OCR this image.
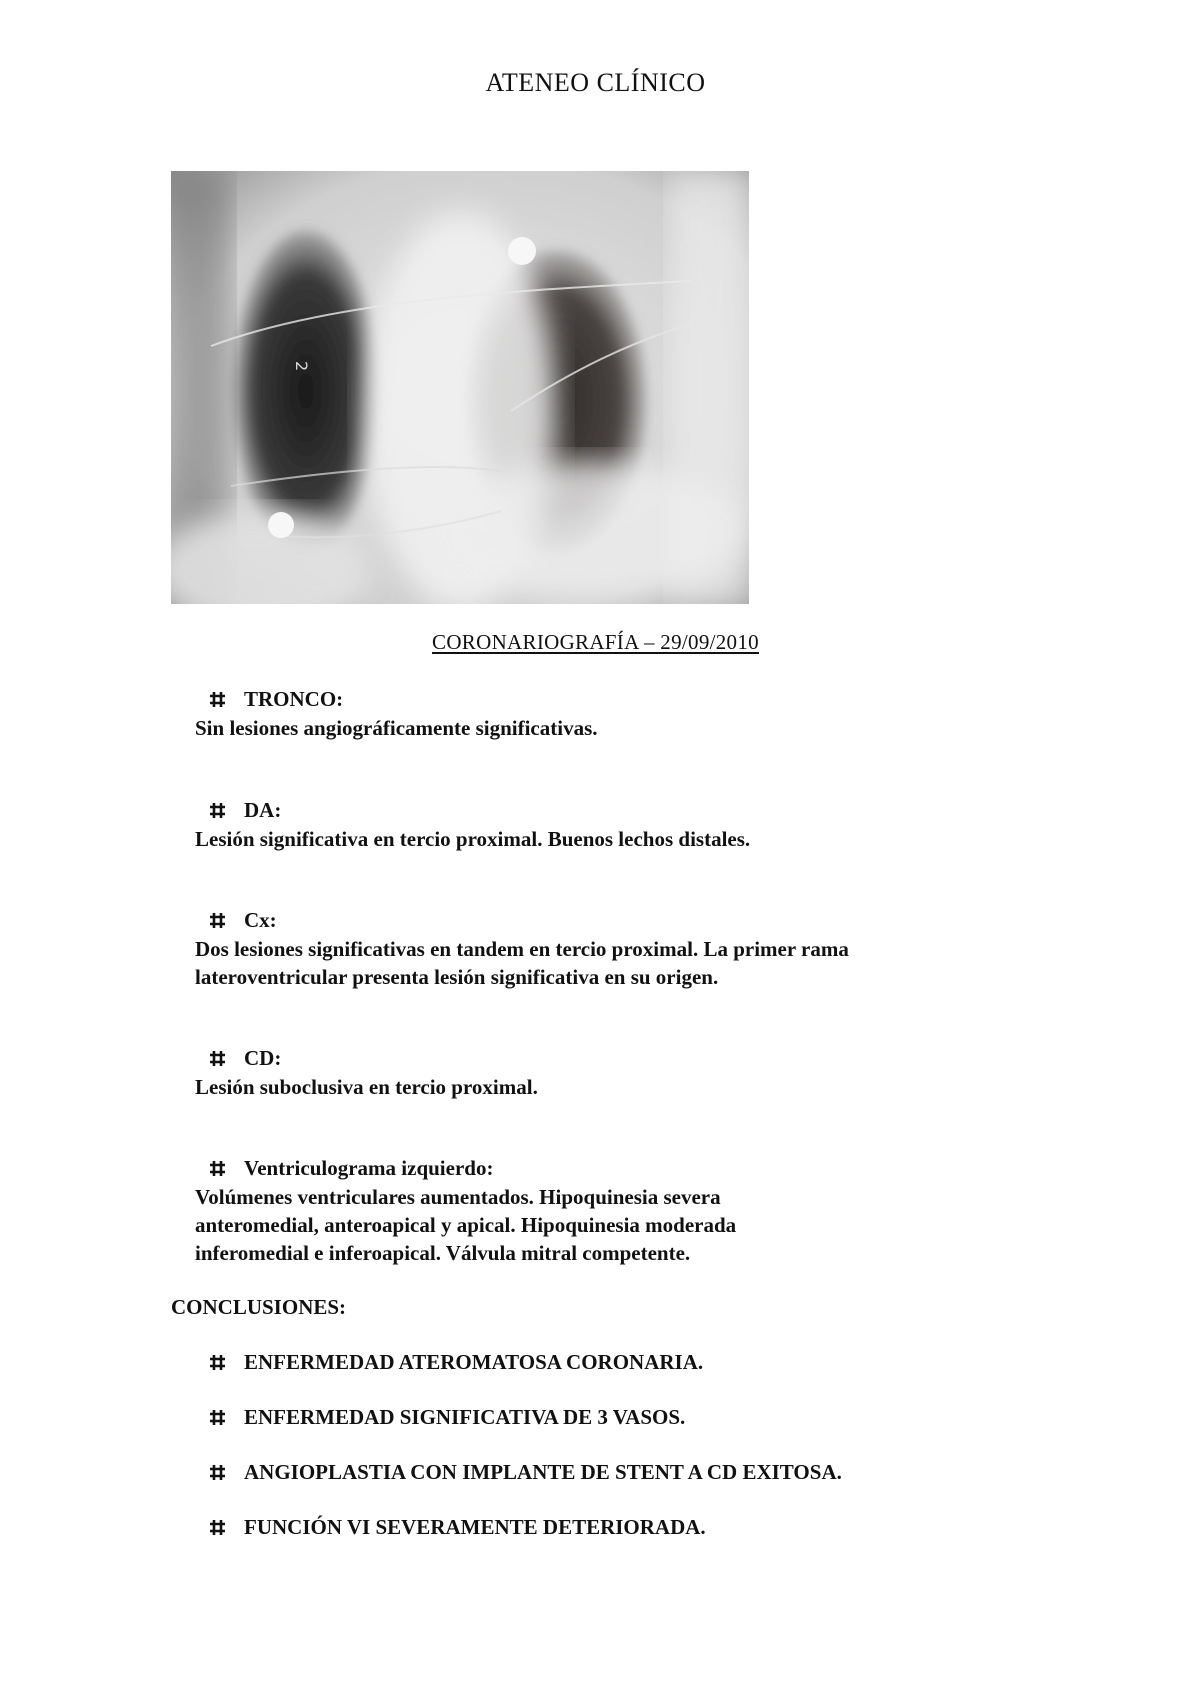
ATENEO CLÍNICO
2
CORONARIOGRAFÍA – 29/09/2010
TRONCO:
Sin lesiones angiográficamente significativas.
DA:
Lesión significativa en tercio proximal. Buenos lechos distales.
Cx:
Dos lesiones significativas en tandem en tercio proximal. La primer rama lateroventricular presenta lesión significativa en su origen.
CD:
Lesión suboclusiva en tercio proximal.
Ventriculograma izquierdo:
Volúmenes ventriculares aumentados. Hipoquinesia severa anteromedial, anteroapical y apical. Hipoquinesia moderada inferomedial e inferoapical. Válvula mitral competente.
CONCLUSIONES:
ENFERMEDAD ATEROMATOSA CORONARIA.
ENFERMEDAD SIGNIFICATIVA DE 3 VASOS.
ANGIOPLASTIA CON IMPLANTE DE STENT A CD EXITOSA.
FUNCIÓN VI SEVERAMENTE DETERIORADA.
